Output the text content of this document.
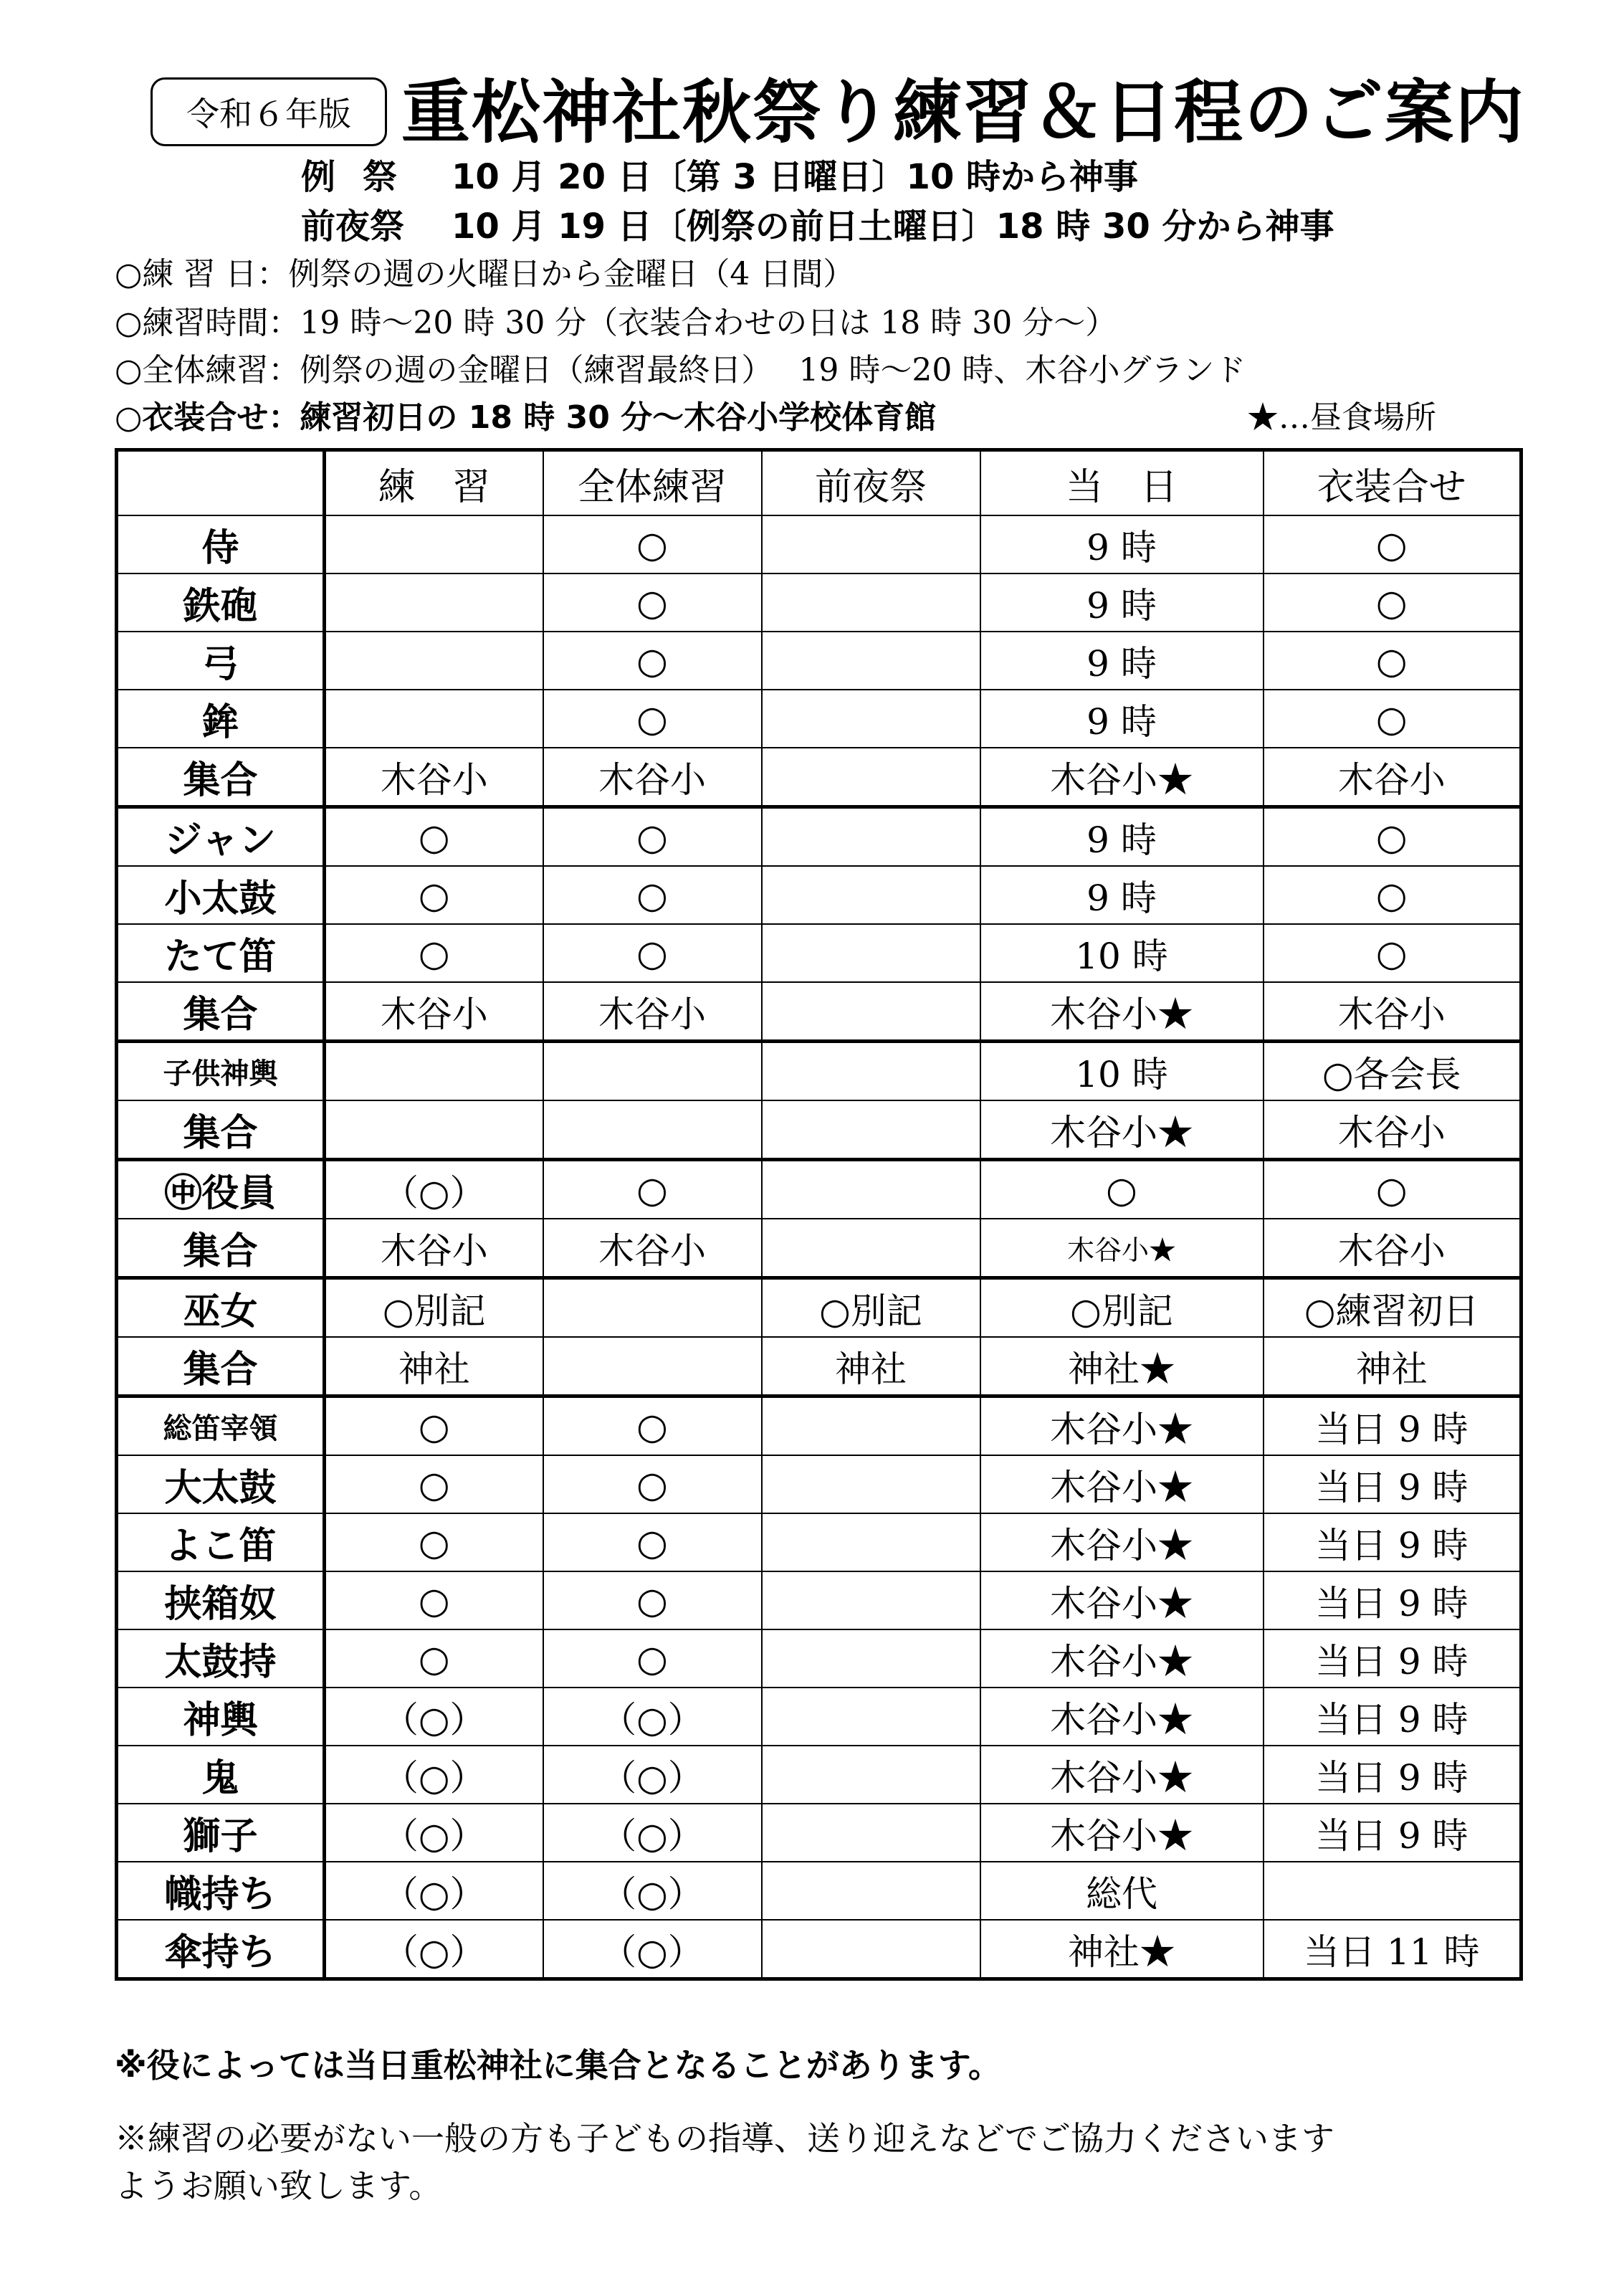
令和６年版 重松神社秋祭り練習＆日程のご案内
例祭 10 月 20 日〔第 3 日曜日〕10 時から神事
前夜祭 10 月 19 日〔例祭の前日土曜日〕18 時 30 分から神事
○練 習 日：例祭の週の火曜日から金曜日（4 日間）
○練習時間：19 時～20 時 30 分（衣装合わせの日は 18 時 30 分～）
○全体練習：例祭の週の金曜日（練習最終日）　 19 時～20 時、木谷小グランド
○衣装合せ：練習初日の 18 時 30 分～木谷小学校体育館	★…昼食場所
	練　習	全体練習	前夜祭	当　日	衣装合せ
侍		○		9 時	○
鉄砲		○		9 時	○
弓		○		9 時	○
鉾		○		9 時	○
集合	木谷小	木谷小		木谷小★	木谷小
ジャン	○	○		9 時	○
小太鼓	○	○		9 時	○
たて笛	○	○		10 時	○
集合	木谷小	木谷小		木谷小★	木谷小
子供神輿				10 時	○各会長
集合				木谷小★	木谷小
㊥役員	（○）	○		○	○
集合	木谷小	木谷小		木谷小★	木谷小
巫女	○別記		○別記	○別記	○練習初日
集合	神社		神社	神社★	神社
総笛宰領	○	○		木谷小★	当日 9 時
大太鼓	○	○		木谷小★	当日 9 時
よこ笛	○	○		木谷小★	当日 9 時
挟箱奴	○	○		木谷小★	当日 9 時
太鼓持	○	○		木谷小★	当日 9 時
神輿	（○）	（○）		木谷小★	当日 9 時
鬼	（○）	（○）		木谷小★	当日 9 時
獅子	（○）	（○）		木谷小★	当日 9 時
幟持ち	（○）	（○）		総代	
傘持ち	（○）	（○）		神社★	当日 11 時
※役によっては当日重松神社に集合となることがあります。
※練習の必要がない一般の方も子どもの指導、送り迎えなどでご協力くださいます
ようお願い致します。
